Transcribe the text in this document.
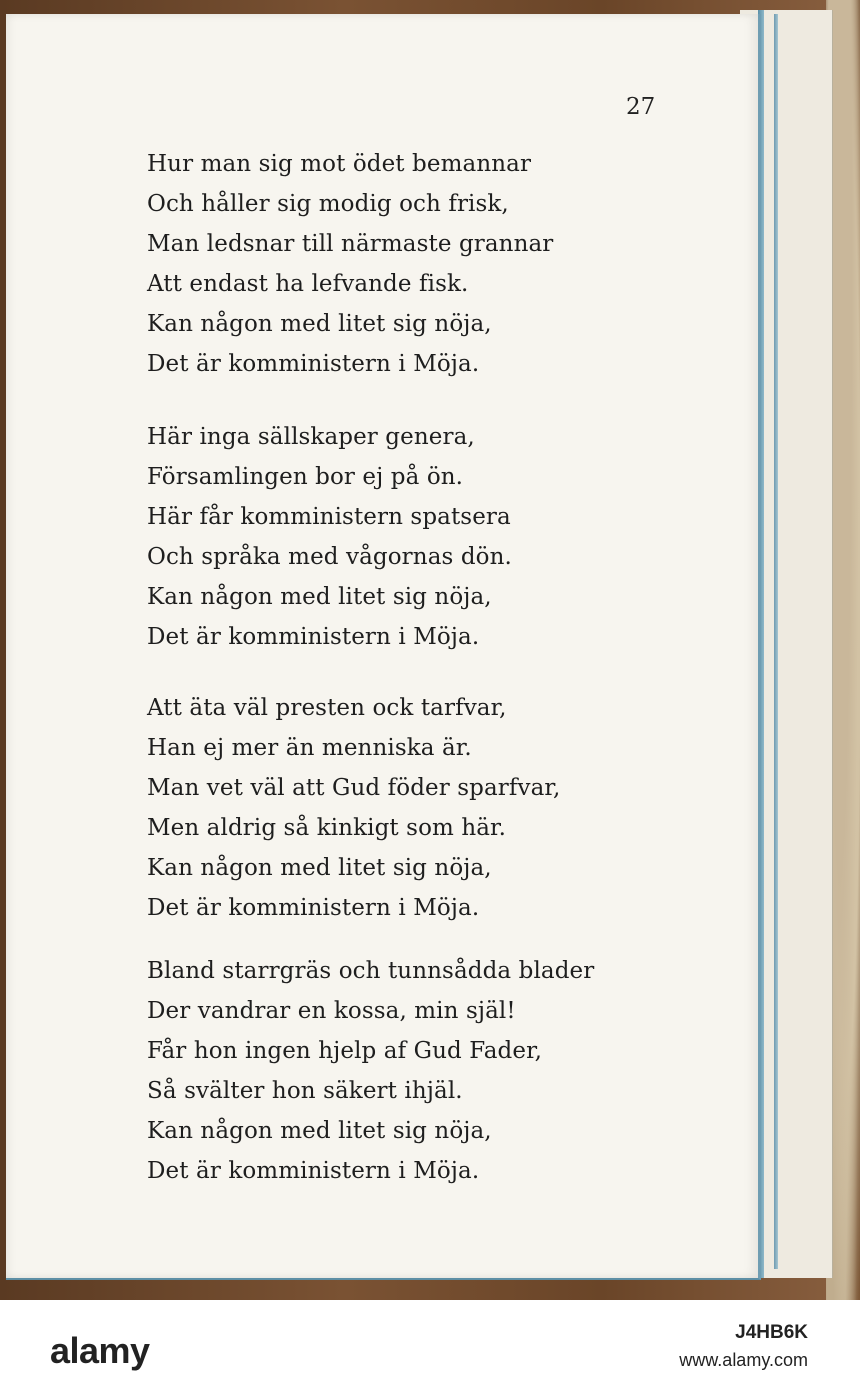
27
Hur man sig mot ödet bemannar
Och håller sig modig och frisk,
Man ledsnar till närmaste grannar
Att endast ha lefvande fisk.
Kan någon med litet sig nöja,
Det är komministern i Möja.
Här inga sällskaper genera,
Församlingen bor ej på ön.
Här får komministern spatsera
Och språka med vågornas dön.
Kan någon med litet sig nöja,
Det är komministern i Möja.
Att äta väl presten ock tarfvar,
Han ej mer än menniska är.
Man vet väl att Gud föder sparfvar,
Men aldrig så kinkigt som här.
Kan någon med litet sig nöja,
Det är komministern i Möja.
Bland starrgräs och tunnsådda blader
Der vandrar en kossa, min själ!
Får hon ingen hjelp af Gud Fader,
Så svälter hon säkert ihjäl.
Kan någon med litet sig nöja,
Det är komministern i Möja.
alamy	J4HB6K
www.alamy.com
